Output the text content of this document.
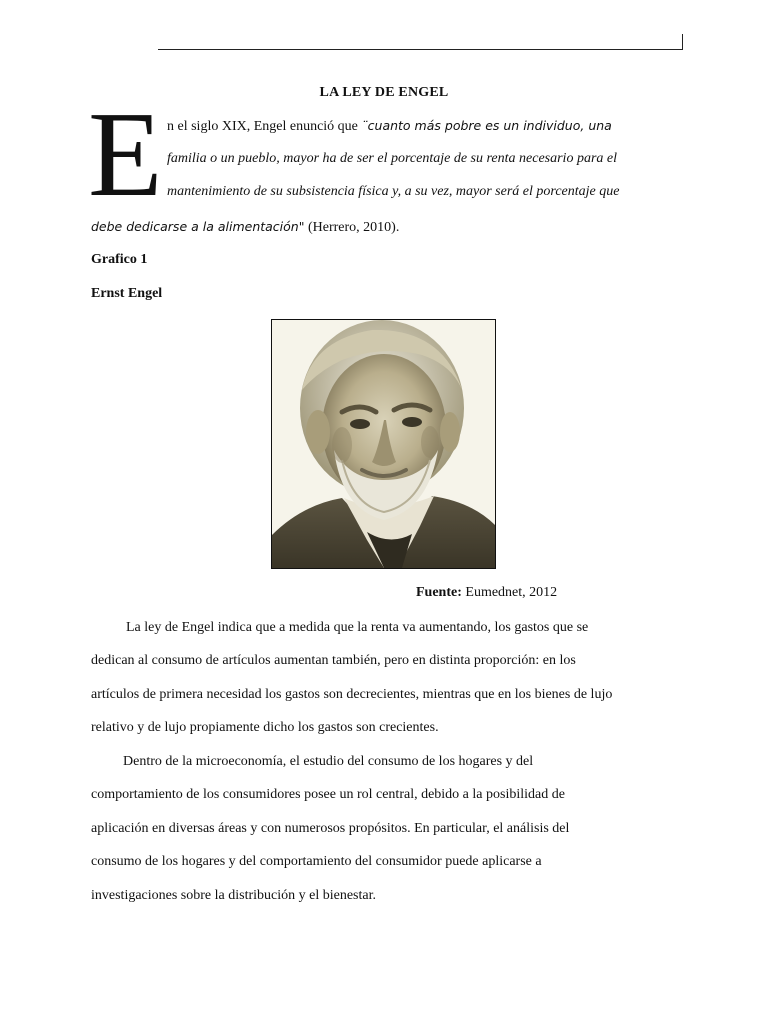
LA LEY DE ENGEL
E n el siglo XIX, Engel enunció que ¨cuanto más pobre es un individuo, una
familia o un pueblo, mayor ha de ser el porcentaje de su renta necesario para el
mantenimiento de su subsistencia física y, a su vez, mayor será el porcentaje que
debe dedicarse a la alimentación" (Herrero, 2010).
Grafico 1
Ernst Engel
Fuente: Eumednet, 2012
La ley de Engel indica que a medida que la renta va aumentando, los gastos que se
dedican al consumo de artículos aumentan también, pero en distinta proporción: en los
artículos de primera necesidad los gastos son decrecientes, mientras que en los bienes de lujo
relativo y de lujo propiamente dicho los gastos son crecientes.
Dentro de la microeconomía, el estudio del consumo de los hogares y del
comportamiento de los consumidores posee un rol central, debido a la posibilidad de
aplicación en diversas áreas y con numerosos propósitos. En particular, el análisis del
consumo de los hogares y del comportamiento del consumidor puede aplicarse a
investigaciones sobre la distribución y el bienestar.
